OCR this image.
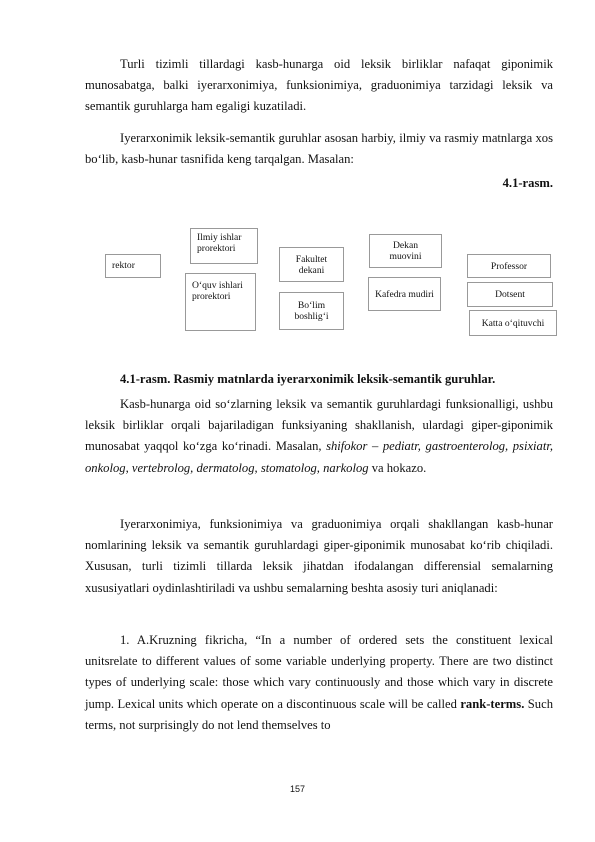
Turli tizimli tillardagi kasb-hunarga oid leksik birliklar nafaqat giponimik munosabatga, balki iyerarxonimiya, funksionimiya, graduonimiya tarzidagi leksik va semantik guruhlarga ham egaligi kuzatiladi.

Iyerarxonimik leksik-semantik guruhlar asosan harbiy, ilmiy va rasmiy matnlarga xos bo‘lib, kasb-hunar tasnifida keng tarqalgan. Masalan:

4.1-rasm.
rektor
Ilmiy ishlar prorektori
O‘quv ishlari prorektori
Fakultet dekani
Bo‘lim boshlig‘i
Dekan muovini
Kafedra mudiri
Professor
Dotsent
Katta o‘qituvchi
4.1-rasm. Rasmiy matnlarda iyerarxonimik leksik-semantik guruhlar.

Kasb-hunarga oid so‘zlarning leksik va semantik guruhlardagi funksionalligi, ushbu leksik birliklar orqali bajariladigan funksiyaning shakllanish, ulardagi giper-giponimik munosabat yaqqol ko‘zga ko‘rinadi. Masalan, shifokor – pediatr, gastroenterolog, psixiatr, onkolog, vertebrolog, dermatolog, stomatolog, narkolog va hokazo.

Iyerarxonimiya, funksionimiya va graduonimiya orqali shakllangan kasb-hunar nomlarining leksik va semantik guruhlardagi giper-giponimik munosabat ko‘rib chiqiladi. Xususan, turli tizimli tillarda leksik jihatdan ifodalangan differensial semalarning xususiyatlari oydinlashtiriladi va ushbu semalarning beshta asosiy turi aniqlanadi:

1. A.Kruzning fikricha, “In a number of ordered sets the constituent lexical unitsrelate to different values of some variable underlying property. There are two distinct types of underlying scale: those which vary continuously and those which vary in discrete jump. Lexical units which operate on a discontinuous scale will be called rank-terms. Such terms, not surprisingly do not lend themselves to

157
